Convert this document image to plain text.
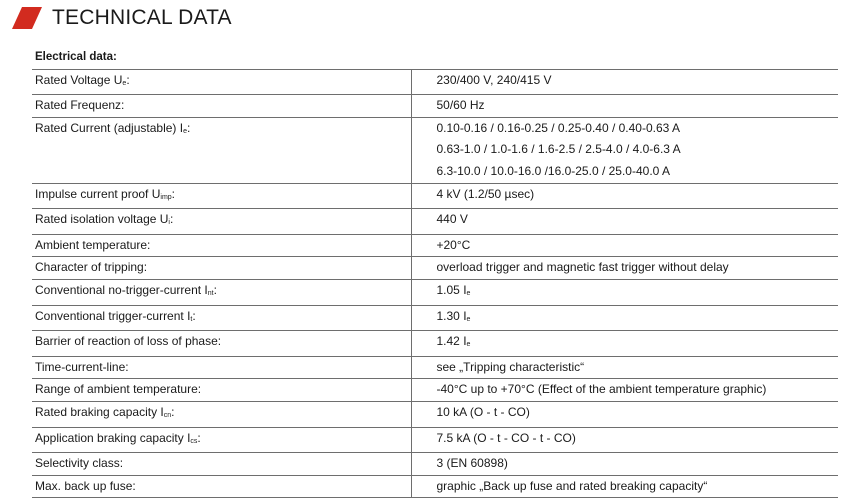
TECHNICAL DATA
Electrical data:	
Rated Voltage Ue:	230/400 V, 240/415 V

Rated Frequenz:	50/60 Hz

Rated Current (adjustable) Ie:	0.10-0.16 / 0.16-0.25 / 0.25-0.40 / 0.40-0.63 A
0.63-1.0 / 1.0-1.6 / 1.6-2.5 / 2.5-4.0 / 4.0-6.3 A
6.3-10.0 / 10.0-16.0 /16.0-25.0 / 25.0-40.0 A

Impulse current proof Uimp:	4 kV (1.2/50 µsec)

Rated isolation voltage Ui:	440 V

Ambient temperature:	+20°C

Character of tripping:	overload trigger and magnetic fast trigger without delay

Conventional no-trigger-current Int:	1.05 Ie

Conventional trigger-current It:	1.30 Ie

Barrier of reaction of loss of phase:	1.42 Ie

Time-current-line:	see „Tripping characteristic“

Range of ambient temperature:	-40°C up to +70°C (Effect of the ambient temperature graphic)

Rated braking capacity Icn:	10 kA (O - t - CO)

Application braking capacity Ics:	7.5 kA (O - t - CO - t - CO)

Selectivity class:	3 (EN 60898)

Max. back up fuse:	graphic „Back up fuse and rated breaking capacity“
